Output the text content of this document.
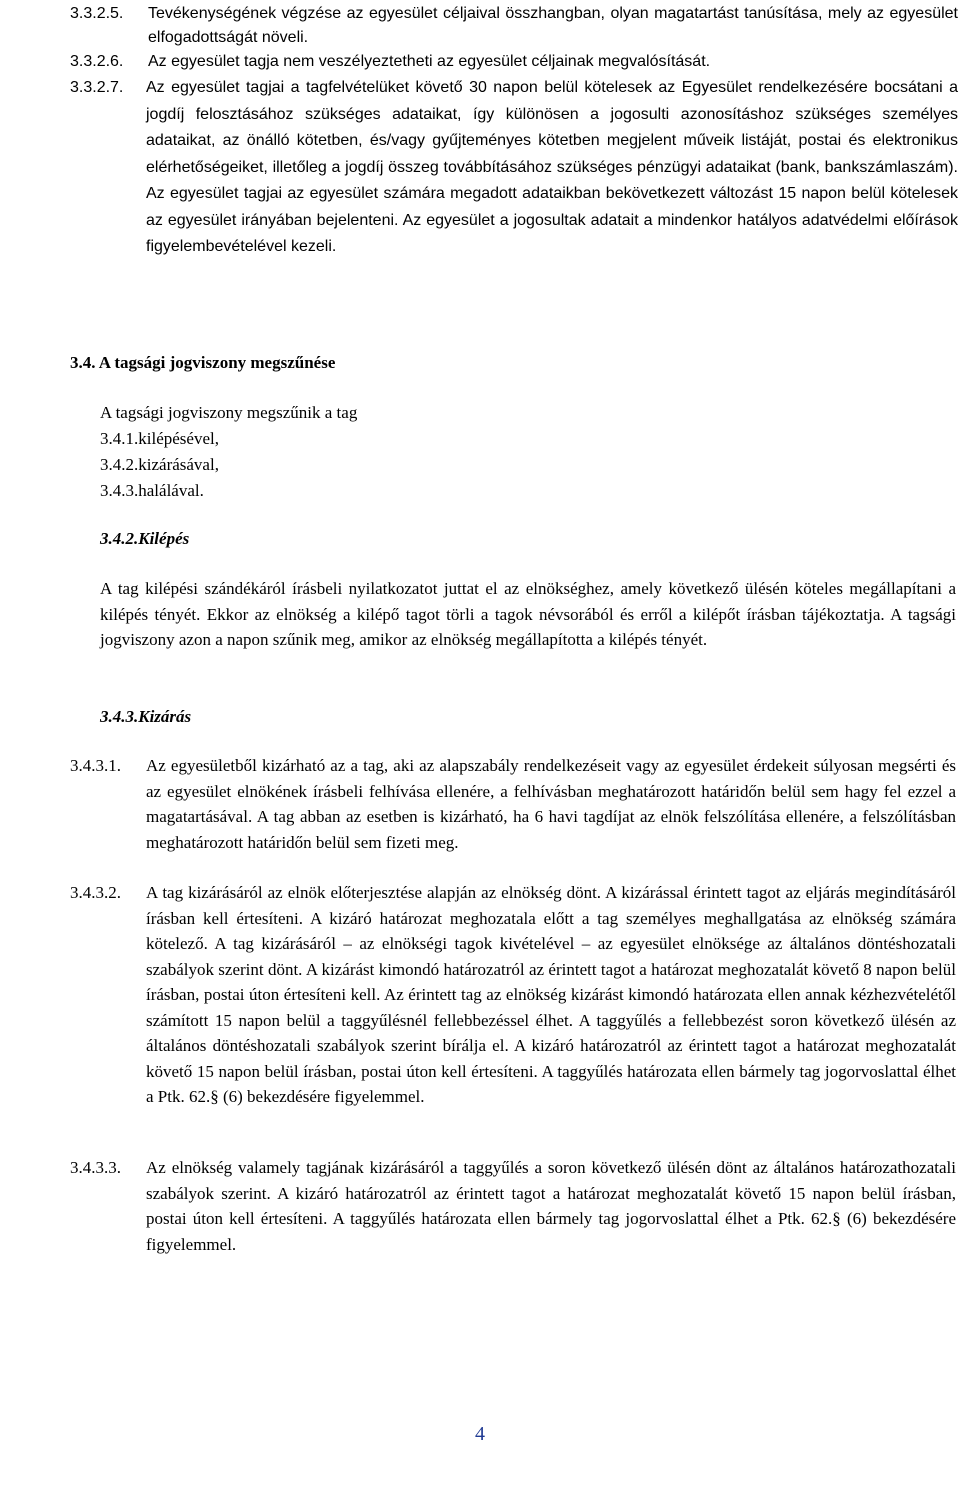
3.3.2.5.	Tevékenységének végzése az egyesület céljaival összhangban, olyan magatartást tanúsítása, mely az egyesület elfogadottságát növeli.
3.3.2.6.	Az egyesület tagja nem veszélyeztetheti az egyesület céljainak megvalósítását.
3.3.2.7.	Az egyesület tagjai a tagfelvételüket követő 30 napon belül kötelesek az Egyesület rendelkezésére bocsátani a jogdíj felosztásához szükséges adataikat, így különösen a jogosulti azonosításhoz szükséges személyes adataikat, az önálló kötetben, és/vagy gyűjteményes kötetben megjelent műveik listáját, postai és elektronikus elérhetőségeiket, illetőleg a jogdíj összeg továbbításához szükséges pénzügyi adataikat (bank, bankszámlaszám). Az egyesület tagjai az egyesület számára megadott adataikban bekövetkezett változást 15 napon belül kötelesek az egyesület irányában bejelenteni. Az egyesület a jogosultak adatait a mindenkor hatályos adatvédelmi előírások figyelembevételével kezeli.
3.4. A tagsági jogviszony megszűnése
A tagsági jogviszony megszűnik a tag
3.4.1.kilépésével,
3.4.2.kizárásával,
3.4.3.halálával.
3.4.2.Kilépés
A tag kilépési szándékáról írásbeli nyilatkozatot juttat el az elnökséghez, amely következő ülésén köteles megállapítani a kilépés tényét. Ekkor az elnökség a kilépő tagot törli a tagok névsorából és erről a kilépőt írásban tájékoztatja. A tagsági jogviszony azon a napon szűnik meg, amikor az elnökség megállapította a kilépés tényét.
3.4.3.Kizárás
3.4.3.1.	Az egyesületből kizárható az a tag, aki az alapszabály rendelkezéseit vagy az egyesület érdekeit súlyosan megsérti és az egyesület elnökének írásbeli felhívása ellenére, a felhívásban meghatározott határidőn belül sem hagy fel ezzel a magatartásával. A tag abban az esetben is kizárható, ha 6 havi tagdíjat az elnök felszólítása ellenére, a felszólításban meghatározott határidőn belül sem fizeti meg.
3.4.3.2.	A tag kizárásáról az elnök előterjesztése alapján az elnökség dönt. A kizárással érintett tagot az eljárás megindításáról írásban kell értesíteni. A kizáró határozat meghozatala előtt a tag személyes meghallgatása az elnökség számára kötelező. A tag kizárásáról – az elnökségi tagok kivételével – az egyesület elnöksége az általános döntéshozatali szabályok szerint dönt. A kizárást kimondó határozatról az érintett tagot a határozat meghozatalát követő 8 napon belül írásban, postai úton értesíteni kell. Az érintett tag az elnökség kizárást kimondó határozata ellen annak kézhezvételétől számított 15 napon belül a taggyűlésnél fellebbezéssel élhet. A taggyűlés a fellebbezést soron következő ülésén az általános döntéshozatali szabályok szerint bírálja el. A kizáró határozatról az érintett tagot a határozat meghozatalát követő 15 napon belül írásban, postai úton kell értesíteni. A taggyűlés határozata ellen bármely tag jogorvoslattal élhet a Ptk. 62.§ (6) bekezdésére figyelemmel.
3.4.3.3.	Az elnökség valamely tagjának kizárásáról a taggyűlés a soron következő ülésén dönt az általános határozathozatali szabályok szerint. A kizáró határozatról az érintett tagot a határozat meghozatalát követő 15 napon belül írásban, postai úton kell értesíteni. A taggyűlés határozata ellen bármely tag jogorvoslattal élhet a Ptk. 62.§ (6) bekezdésére figyelemmel.
4
